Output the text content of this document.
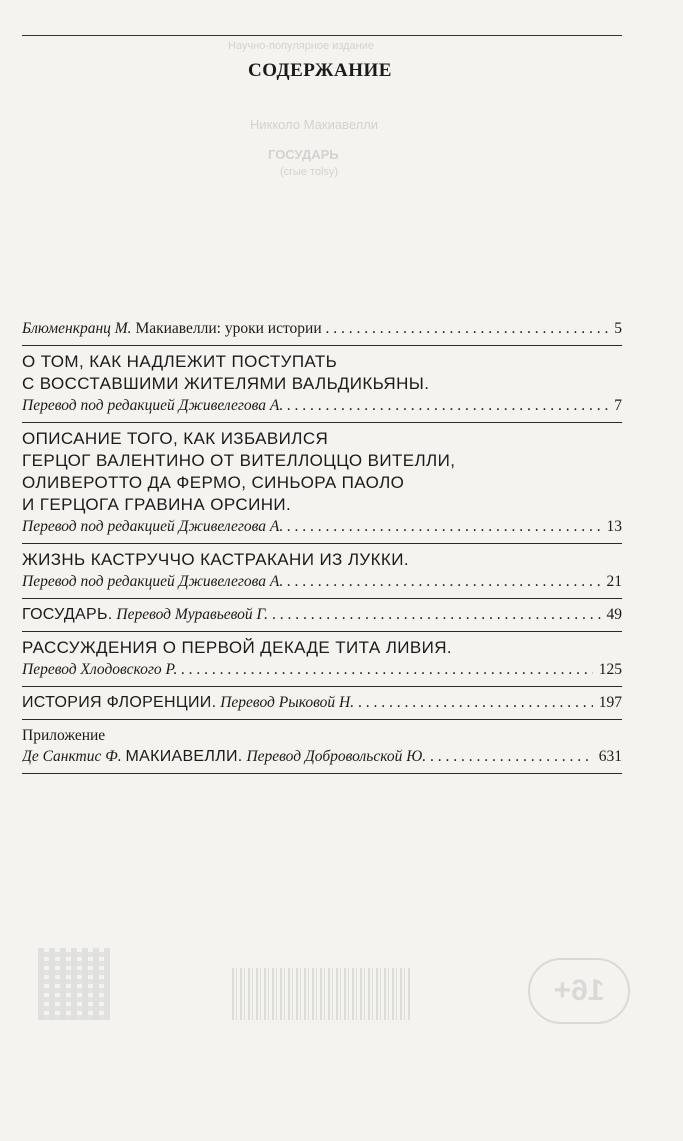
Научно-популярное издание
Никколо Макиавелли
ГОСУДАРЬ
(сrые тоlsy)
СОДЕРЖАНИЕ
Блюменкранц М. Макиавелли: уроки истории . . .	5
О ТОМ, КАК НАДЛЕЖИТ ПОСТУПАТЬ
С ВОССТАВШИМИ ЖИТЕЛЯМИ ВАЛЬДИКЬЯНЫ.
Перевод под редакцией Дживелегова А. . . .	7
ОПИСАНИЕ ТОГО, КАК ИЗБАВИЛСЯ
ГЕРЦОГ ВАЛЕНТИНО ОТ ВИТЕЛЛОЦЦО ВИТЕЛЛИ,
ОЛИВЕРОТТО ДА ФЕРМО, СИНЬОРА ПАОЛО
И ГЕРЦОГА ГРАВИНА ОРСИНИ.
Перевод под редакцией Дживелегова А. . . .	13
ЖИЗНЬ КАСТРУЧЧО КАСТРАКАНИ ИЗ ЛУККИ.
Перевод под редакцией Дживелегова А. . . .	21
ГОСУДАРЬ. Перевод Муравьевой Г. . . .	49
РАССУЖДЕНИЯ О ПЕРВОЙ ДЕКАДЕ ТИТА ЛИВИЯ.
Перевод Хлодовского Р. . . .	125
ИСТОРИЯ ФЛОРЕНЦИИ. Перевод Рыковой Н. . . .	197
Приложение
Де Санктис Ф. МАКИАВЕЛЛИ. Перевод Добровольской Ю. . . .	631
16+
